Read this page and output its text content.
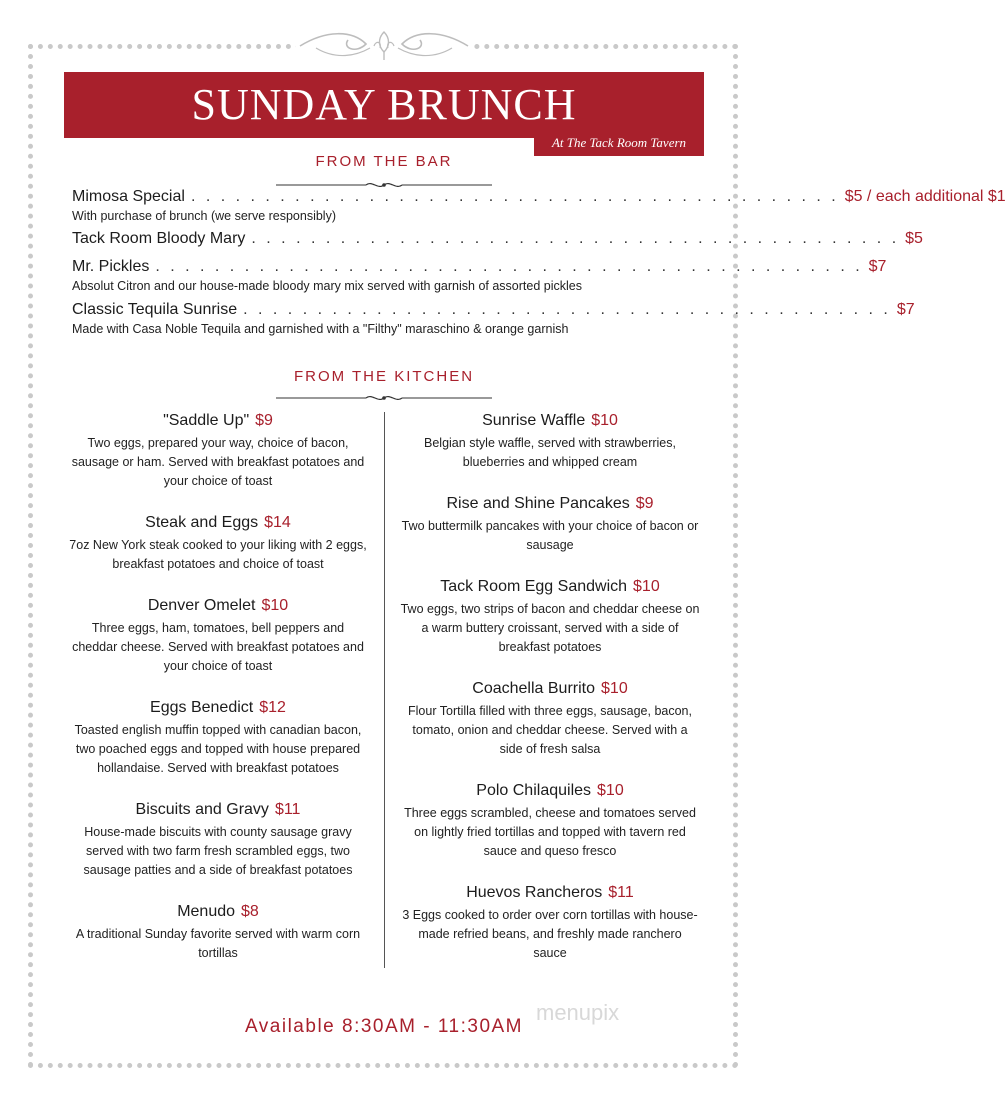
SUNDAY BRUNCH
At The Tack Room Tavern
FROM THE BAR
Mimosa Special . . . . . . . . . . . . . . . . . . . . . . . . . . . . . . . . . . . . . . . . . . . . $5 / each additional $1
With purchase of brunch (we serve responsibly)
Tack Room Bloody Mary . . . . . . . . . . . . . . . . . . . . . . . . . . . . . . . . . . . . . . . . . . . . $5
Mr. Pickles . . . . . . . . . . . . . . . . . . . . . . . . . . . . . . . . . . . . . . . . . . . . . . . . $7
Absolut Citron and our house-made bloody mary mix served with garnish of assorted pickles
Classic Tequila Sunrise . . . . . . . . . . . . . . . . . . . . . . . . . . . . . . . . . . . . . . . . . . . . $7
Made with Casa Noble Tequila and garnished with a "Filthy" maraschino & orange garnish
FROM THE KITCHEN
"Saddle Up" $9
Two eggs, prepared your way, choice of bacon, sausage or ham. Served with breakfast potatoes and your choice of toast
Steak and Eggs $14
7oz New York steak cooked to your liking with 2 eggs, breakfast potatoes and choice of toast
Denver Omelet $10
Three eggs, ham, tomatoes, bell peppers and cheddar cheese. Served with breakfast potatoes and your choice of toast
Eggs Benedict $12
Toasted english muffin topped with canadian bacon, two poached eggs and topped with house prepared hollandaise. Served with breakfast potatoes
Biscuits and Gravy $11
House-made biscuits with county sausage gravy served with two farm fresh scrambled eggs, two sausage patties and a side of breakfast potatoes
Menudo $8
A traditional Sunday favorite served with warm corn tortillas
Sunrise Waffle $10
Belgian style waffle, served with strawberries, blueberries and whipped cream
Rise and Shine Pancakes $9
Two buttermilk pancakes with your choice of bacon or sausage
Tack Room Egg Sandwich $10
Two eggs, two strips of bacon and cheddar cheese on a warm buttery croissant, served with a side of breakfast potatoes
Coachella Burrito $10
Flour Tortilla filled with three eggs, sausage, bacon, tomato, onion and cheddar cheese. Served with a side of fresh salsa
Polo Chilaquiles $10
Three eggs scrambled, cheese and tomatoes served on lightly fried tortillas and topped with tavern red sauce and queso fresco
Huevos Rancheros $11
3 Eggs cooked to order over corn tortillas with house-made refried beans, and freshly made ranchero sauce
Available 8:30AM - 11:30AM
menupix
